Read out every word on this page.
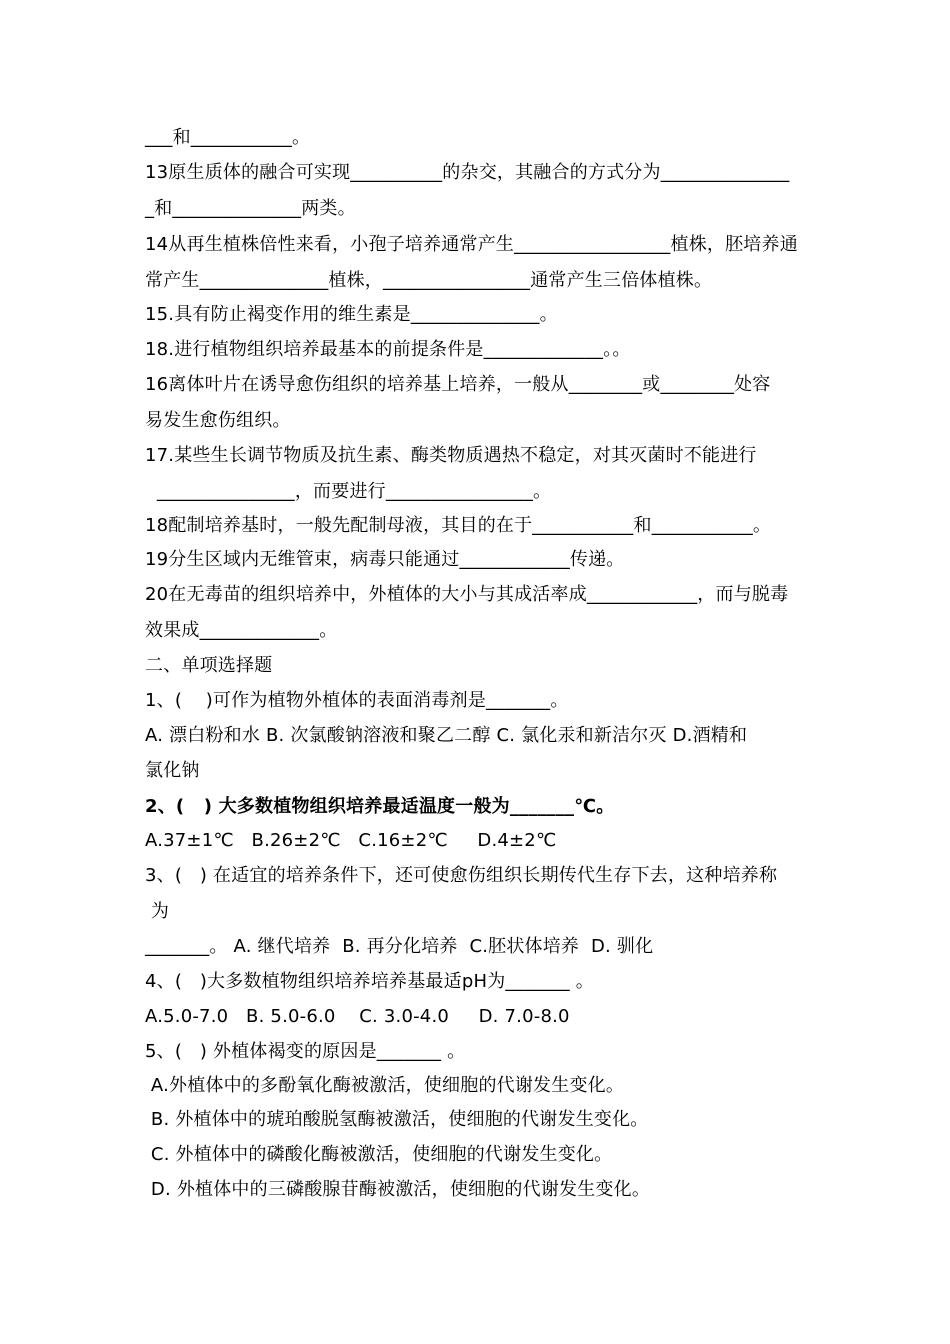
___和___________。
13原生质体的融合可实现__________的杂交，其融合的方式分为______________
_和______________两类。
14从再生植株倍性来看，小孢子培养通常产生_________________植株，胚培养通
常产生______________植株，________________通常产生三倍体植株。
15.具有防止褐变作用的维生素是______________。
18.进行植物组织培养最基本的前提条件是_____________。。
16离体叶片在诱导愈伤组织的培养基上培养，一般从________或________处容
易发生愈伤组织。
17.某些生长调节物质及抗生素、酶类物质遇热不稳定，对其灭菌时不能进行
_______________，而要进行________________。
18配制培养基时，一般先配制母液，其目的在于___________和___________。
19分生区域内无维管束，病毒只能通过____________传递。
20在无毒苗的组织培养中，外植体的大小与其成活率成____________，而与脱毒
效果成_____________。
二、单项选择题
1、(    )可作为植物外植体的表面消毒剂是_______。
A. 漂白粉和水 B. 次氯酸钠溶液和聚乙二醇 C. 氯化汞和新洁尔灭 D.酒精和
氯化钠
2、(   ) 大多数植物组织培养最适温度一般为_______℃。
A.37±1℃   B.26±2℃   C.16±2℃     D.4±2℃
3、(   ) 在适宜的培养条件下，还可使愈伤组织长期传代生存下去，这种培养称
为
_______。 A. 继代培养  B. 再分化培养  C.胚状体培养  D. 驯化
4、(   )大多数植物组织培养培养基最适pH为_______ 。
A.5.0-7.0   B. 5.0-6.0    C. 3.0-4.0     D. 7.0-8.0
5、(   ) 外植体褐变的原因是_______ 。
A.外植体中的多酚氧化酶被激活，使细胞的代谢发生变化。
B. 外植体中的琥珀酸脱氢酶被激活，使细胞的代谢发生变化。
C. 外植体中的磷酸化酶被激活，使细胞的代谢发生变化。
D. 外植体中的三磷酸腺苷酶被激活，使细胞的代谢发生变化。
